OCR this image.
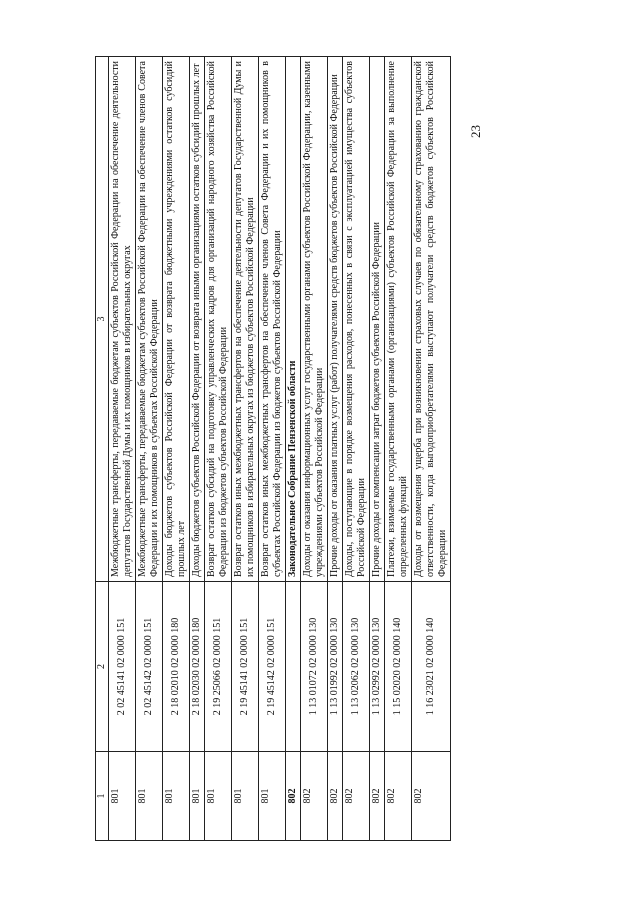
23
1	2	3
801	2 02 45141 02 0000 151	Межбюджетные трансферты, передаваемые бюджетам субъектов Российской Федерации на обеспечение деятельности депутатов Государственной Думы и их помощников в избирательных округах
801	2 02 45142 02 0000 151	Межбюджетные трансферты, передаваемые бюджетам субъектов Российской Федерации на обеспечение членов Совета Федерации и их помощников в субъектах Российской Федерации
801	2 18 02010 02 0000 180	Доходы бюджетов субъектов Российской Федерации от возврата бюджетными учреждениями остатков субсидий прошлых лет
801	2 18 02030 02 0000 180	Доходы бюджетов субъектов Российской Федерации от возврата иными организациями остатков субсидий прошлых лет
801	2 19 25066 02 0000 151	Возврат остатков субсидий на подготовку управленческих кадров для организаций народного хозяйства Российской Федерации из бюджетов субъектов Российской Федерации
801	2 19 45141 02 0000 151	Возврат остатков иных межбюджетных трансфертов на обеспечение деятельности депутатов Государственной Думы и их помощников в избирательных округах из бюджетов субъектов Российской Федерации
801	2 19 45142 02 0000 151	Возврат остатков иных межбюджетных трансфертов на обеспечение членов Совета Федерации и их помощников в субъектах Российской Федерации из бюджетов субъектов Российской Федерации
802		Законодательное Собрание Пензенской области
802	1 13 01072 02 0000 130	Доходы от оказания информационных услуг государственными органами субъектов Российской Федерации, казенными учреждениями субъектов Российской Федерации
802	1 13 01992 02 0000 130	Прочие доходы от оказания платных услуг (работ) получателями средств бюджетов субъектов Российской Федерации
802	1 13 02062 02 0000 130	Доходы, поступающие в порядке возмещения расходов, понесенных в связи с эксплуатацией имущества субъектов Российской Федерации
802	1 13 02992 02 0000 130	Прочие доходы от компенсации затрат бюджетов субъектов Российской Федерации
802	1 15 02020 02 0000 140	Платежи, взимаемые государственными органами (организациями) субъектов Российской Федерации за выполнение определенных функций
802	1 16 23021 02 0000 140	Доходы от возмещения ущерба при возникновении страховых случаев по обязательному страхованию гражданской ответственности, когда выгодоприобретателями выступают получатели средств бюджетов субъектов Российской Федерации
